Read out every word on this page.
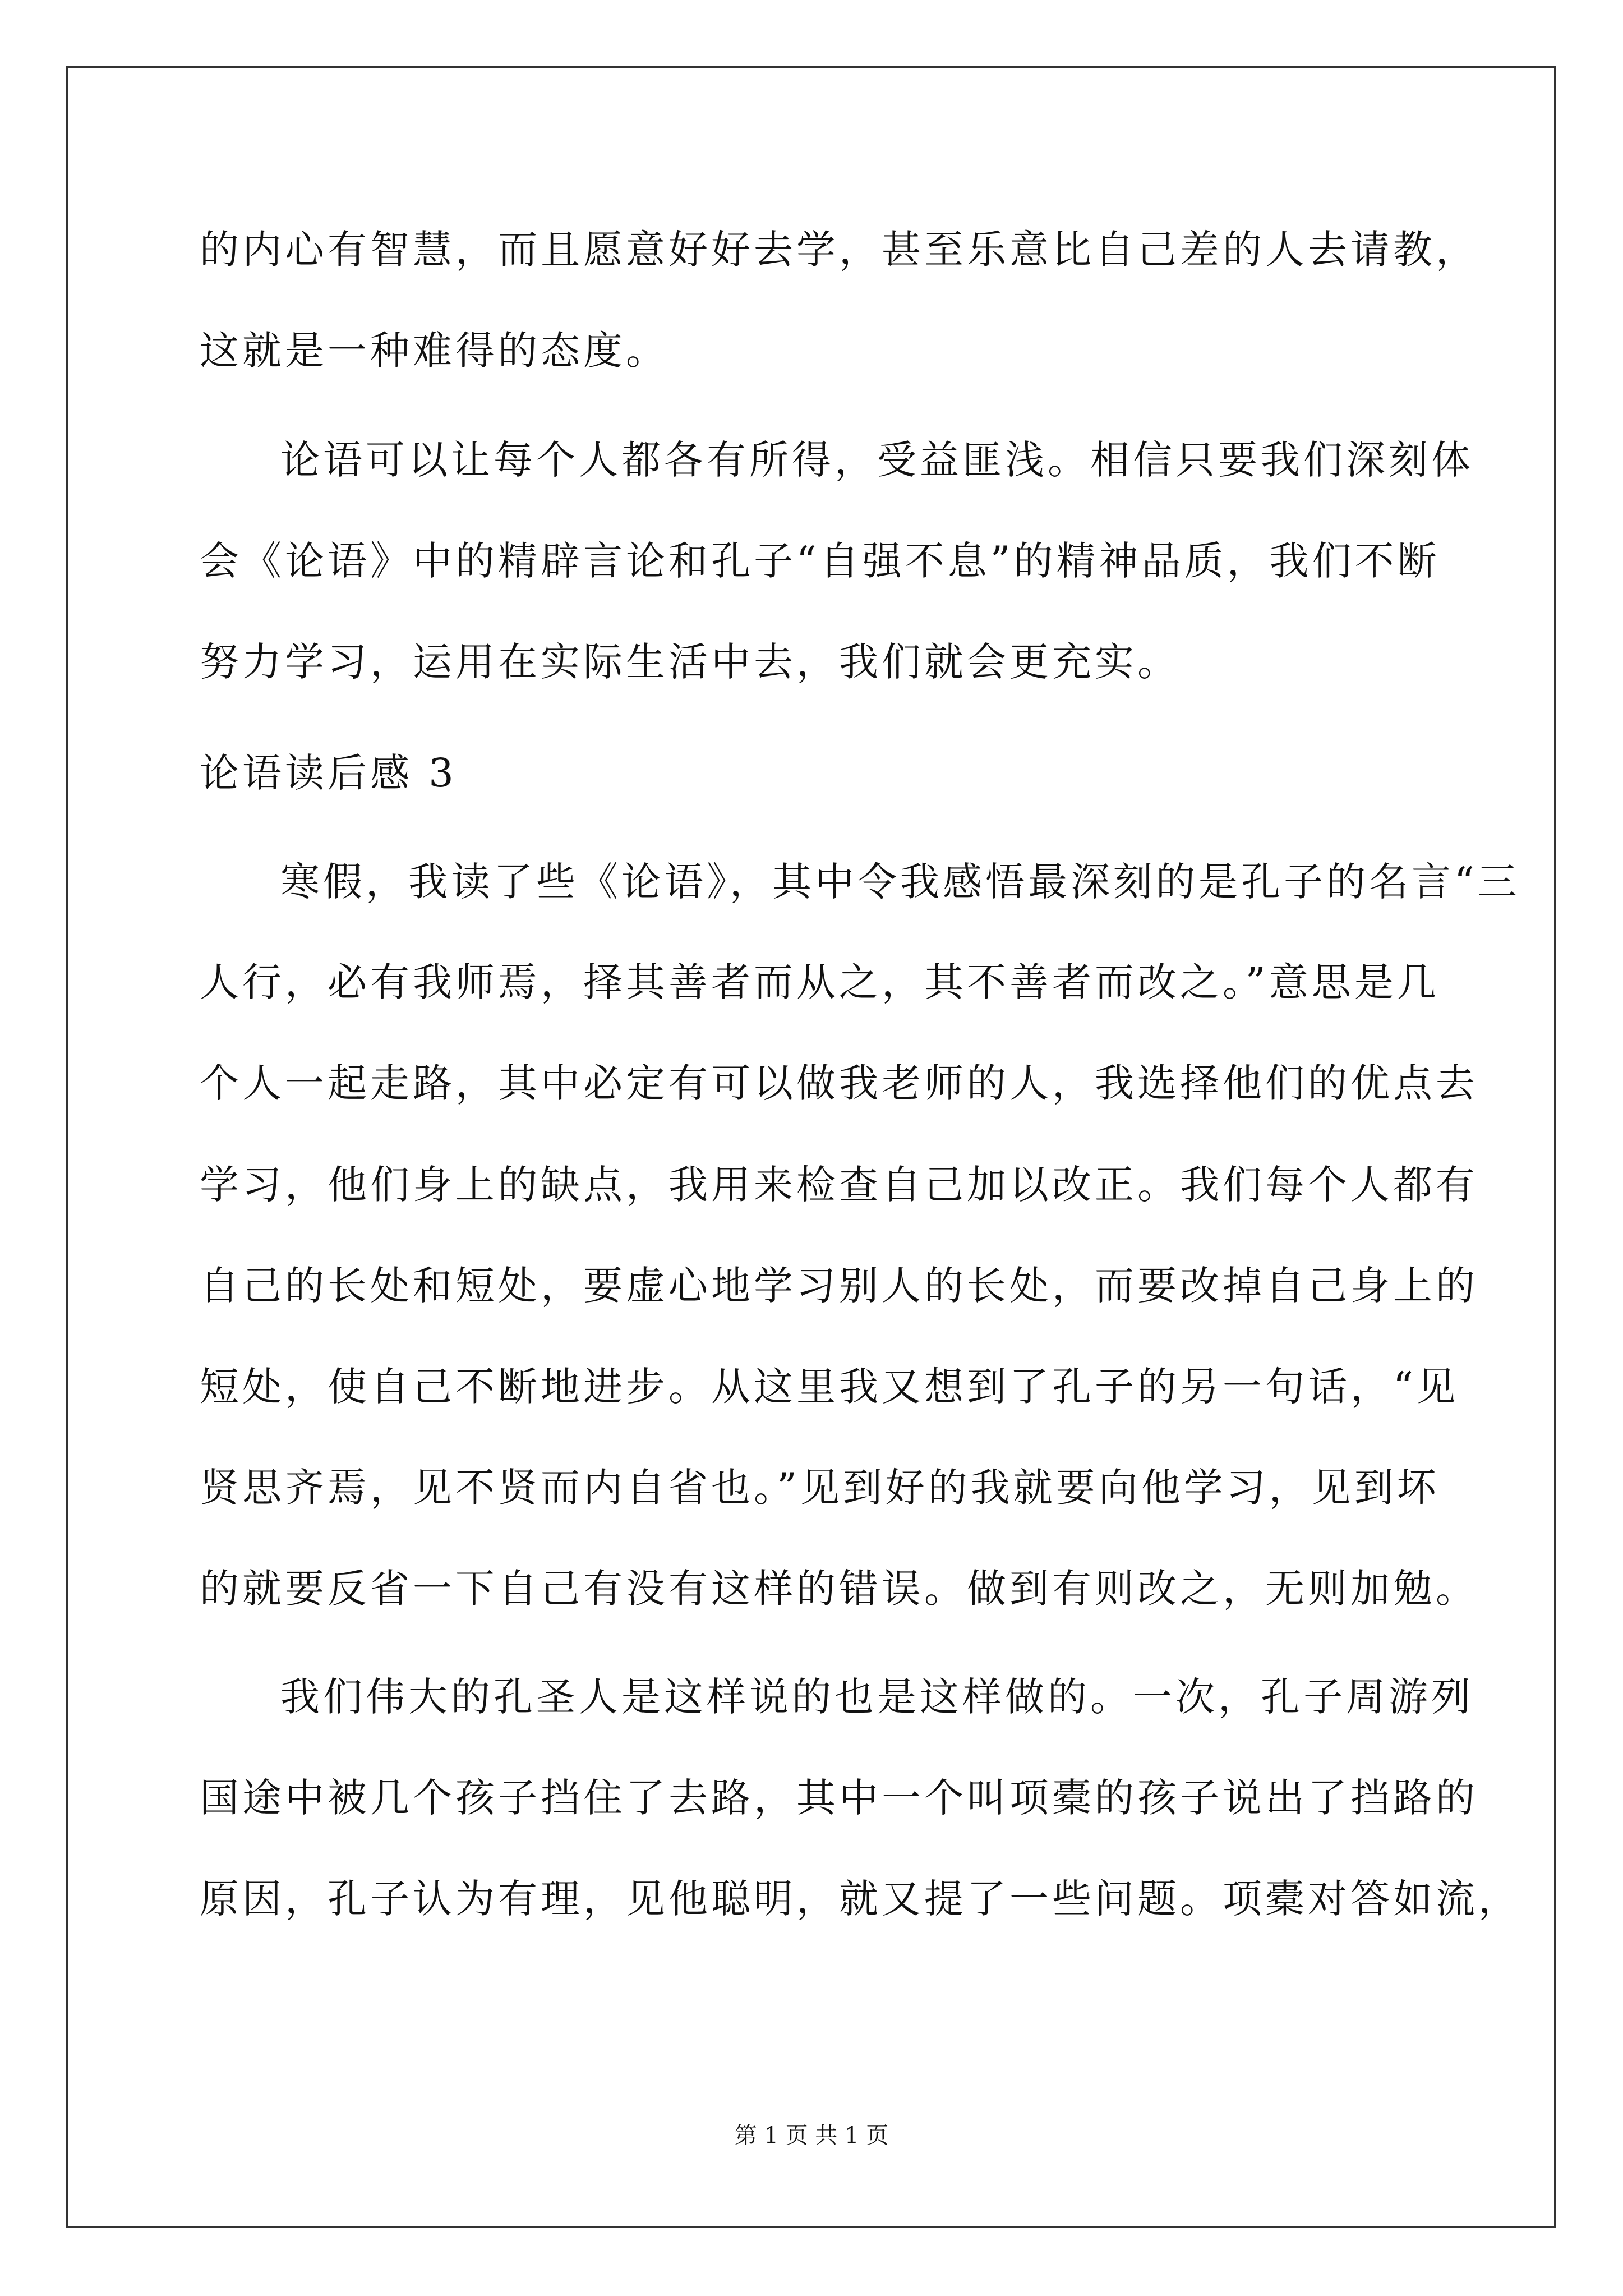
的内心有智慧，而且愿意好好去学，甚至乐意比自己差的人去请教，
这就是一种难得的态度。
论语可以让每个人都各有所得，受益匪浅。相信只要我们深刻体
会《论语》中的精辟言论和孔子“自强不息”的精神品质，我们不断
努力学习，运用在实际生活中去，我们就会更充实。
论语读后感 3
寒假，我读了些《论语》，其中令我感悟最深刻的是孔子的名言“三
人行，必有我师焉，择其善者而从之，其不善者而改之。”意思是几
个人一起走路，其中必定有可以做我老师的人，我选择他们的优点去
学习，他们身上的缺点，我用来检查自己加以改正。我们每个人都有
自己的长处和短处，要虚心地学习别人的长处，而要改掉自己身上的
短处，使自己不断地进步。从这里我又想到了孔子的另一句话，“见
贤思齐焉，见不贤而内自省也。”见到好的我就要向他学习，见到坏
的就要反省一下自己有没有这样的错误。做到有则改之，无则加勉。
我们伟大的孔圣人是这样说的也是这样做的。一次，孔子周游列
国途中被几个孩子挡住了去路，其中一个叫项橐的孩子说出了挡路的
原因，孔子认为有理，见他聪明，就又提了一些问题。项橐对答如流，
第 1 页 共 1 页
